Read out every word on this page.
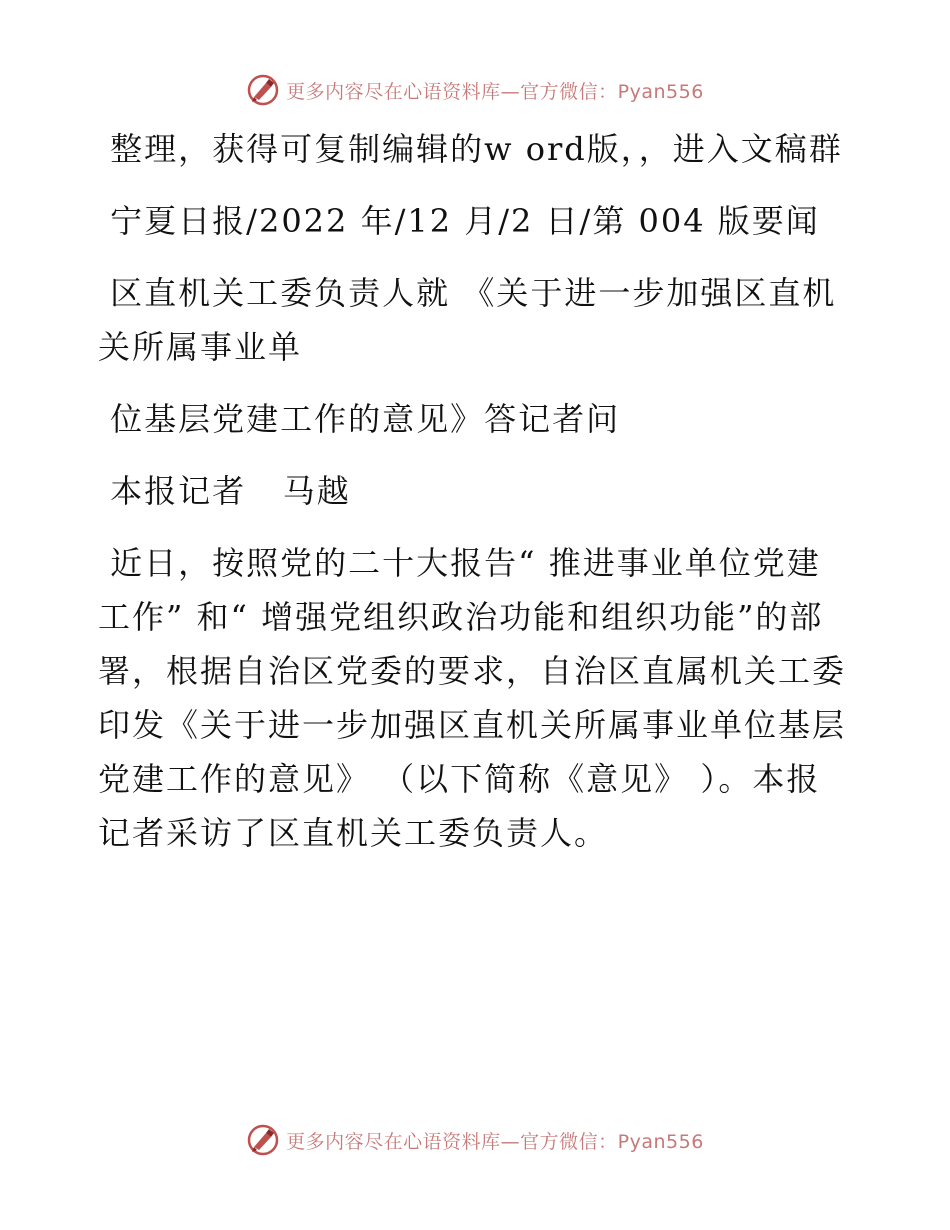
更多内容尽在心语资料库—官方微信：Pyan556

整理，获得可复制编辑的w ord版，，进入文稿群

宁夏日报/2022 年/12 月/2 日/第 004 版要闻

区直机关工委负责人就 《关于进一步加强区直机关所属事业单

位基层党建工作的意见》答记者问

本报记者   马越

近日，按照党的二十大报告“ 推进事业单位党建工作” 和“ 增强党组织政治功能和组织功能”的部署，根据自治区党委的要求，自治区直属机关工委印发《关于进一步加强区直机关所属事业单位基层党建工作的意见》 （以下简称《意见》 ）。本报记者采访了区直机关工委负责人。

更多内容尽在心语资料库—官方微信：Pyan556
